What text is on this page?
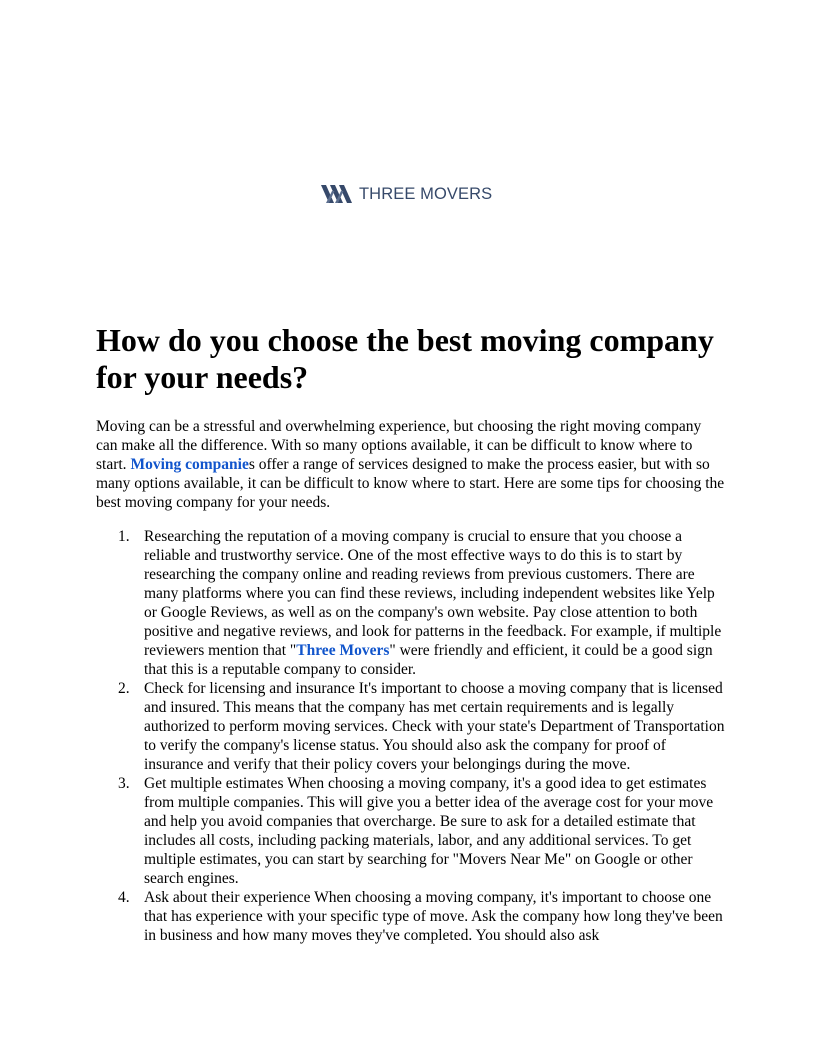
THREE MOVERS
How do you choose the best moving company for your needs?

Moving can be a stressful and overwhelming experience, but choosing the right moving company can make all the difference. With so many options available, it can be difficult to know where to start. Moving companies offer a range of services designed to make the process easier, but with so many options available, it can be difficult to know where to start. Here are some tips for choosing the best moving company for your needs.

1. Researching the reputation of a moving company is crucial to ensure that you choose a reliable and trustworthy service. One of the most effective ways to do this is to start by researching the company online and reading reviews from previous customers. There are many platforms where you can find these reviews, including independent websites like Yelp or Google Reviews, as well as on the company's own website. Pay close attention to both positive and negative reviews, and look for patterns in the feedback. For example, if multiple reviewers mention that "Three Movers" were friendly and efficient, it could be a good sign that this is a reputable company to consider.
2. Check for licensing and insurance It's important to choose a moving company that is licensed and insured. This means that the company has met certain requirements and is legally authorized to perform moving services. Check with your state's Department of Transportation to verify the company's license status. You should also ask the company for proof of insurance and verify that their policy covers your belongings during the move.
3. Get multiple estimates When choosing a moving company, it's a good idea to get estimates from multiple companies. This will give you a better idea of the average cost for your move and help you avoid companies that overcharge. Be sure to ask for a detailed estimate that includes all costs, including packing materials, labor, and any additional services. To get multiple estimates, you can start by searching for "Movers Near Me" on Google or other search engines.
4. Ask about their experience When choosing a moving company, it's important to choose one that has experience with your specific type of move. Ask the company how long they've been in business and how many moves they've completed. You should also ask
